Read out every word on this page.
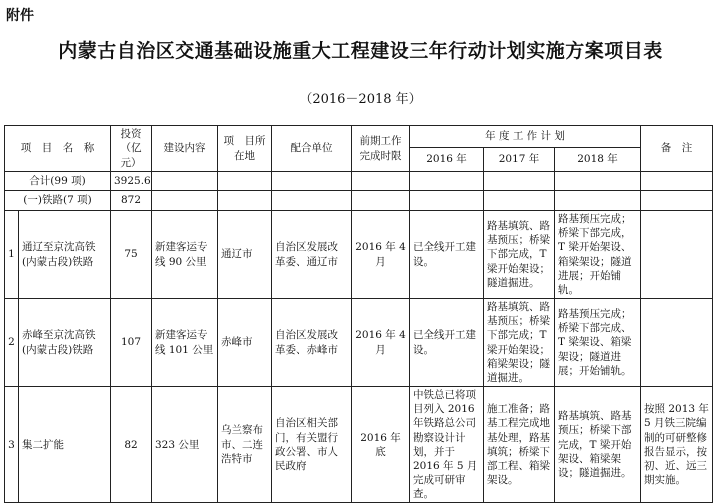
附件
内蒙古自治区交通基础设施重大工程建设三年行动计划实施方案项目表
（2016－2018 年）
项　目　名　称		投资（亿元）	建设内容	项　目所在地	配合单位	前期工作完成时限	年 度 工 作 计 划			备　注
							2016 年	2017 年	2018 年	
合计(99 项)		3925.6								
(一)铁路(7 项)		872								
1	通辽至京沈高铁(内蒙古段)铁路	75	新建客运专线 90 公里	通辽市	自治区发展改革委、通辽市	2016 年 4 月	已全线开工建设。	路基填筑、路基预压；桥梁下部完成，T 梁开始架设；隧道掘进。	路基预压完成；桥梁下部完成，T 梁开始架设、箱梁架设；隧道进展；开始铺轨。	
2	赤峰至京沈高铁(内蒙古段)铁路	107	新建客运专线 101 公里	赤峰市	自治区发展改革委、赤峰市	2016 年 4 月	已全线开工建设。	路基填筑、路基预压；桥梁下部完成；T 梁开始架设；箱梁架设；隧道掘进。	路基预压完成；桥梁下部完成、T 梁架设、箱梁架设；隧道进展；开始铺轨。	
3	集二扩能	82	323 公里	乌兰察布市、二连浩特市	自治区相关部门，有关盟行政公署、市人民政府	2016 年底	中铁总已将项目列入 2016 年铁路总公司勘察设计计划，并于 2016 年 5 月完成可研审查。	施工准备；路基工程完成地基处理，路基填筑；桥梁下部工程、箱梁架设。	路基填筑、路基预压；桥梁下部完成，T 梁开始架设、箱梁架设；隧道掘进。	按照 2013 年 5 月铁三院编制的可研整修报告显示，按初、近、远三期实施。
